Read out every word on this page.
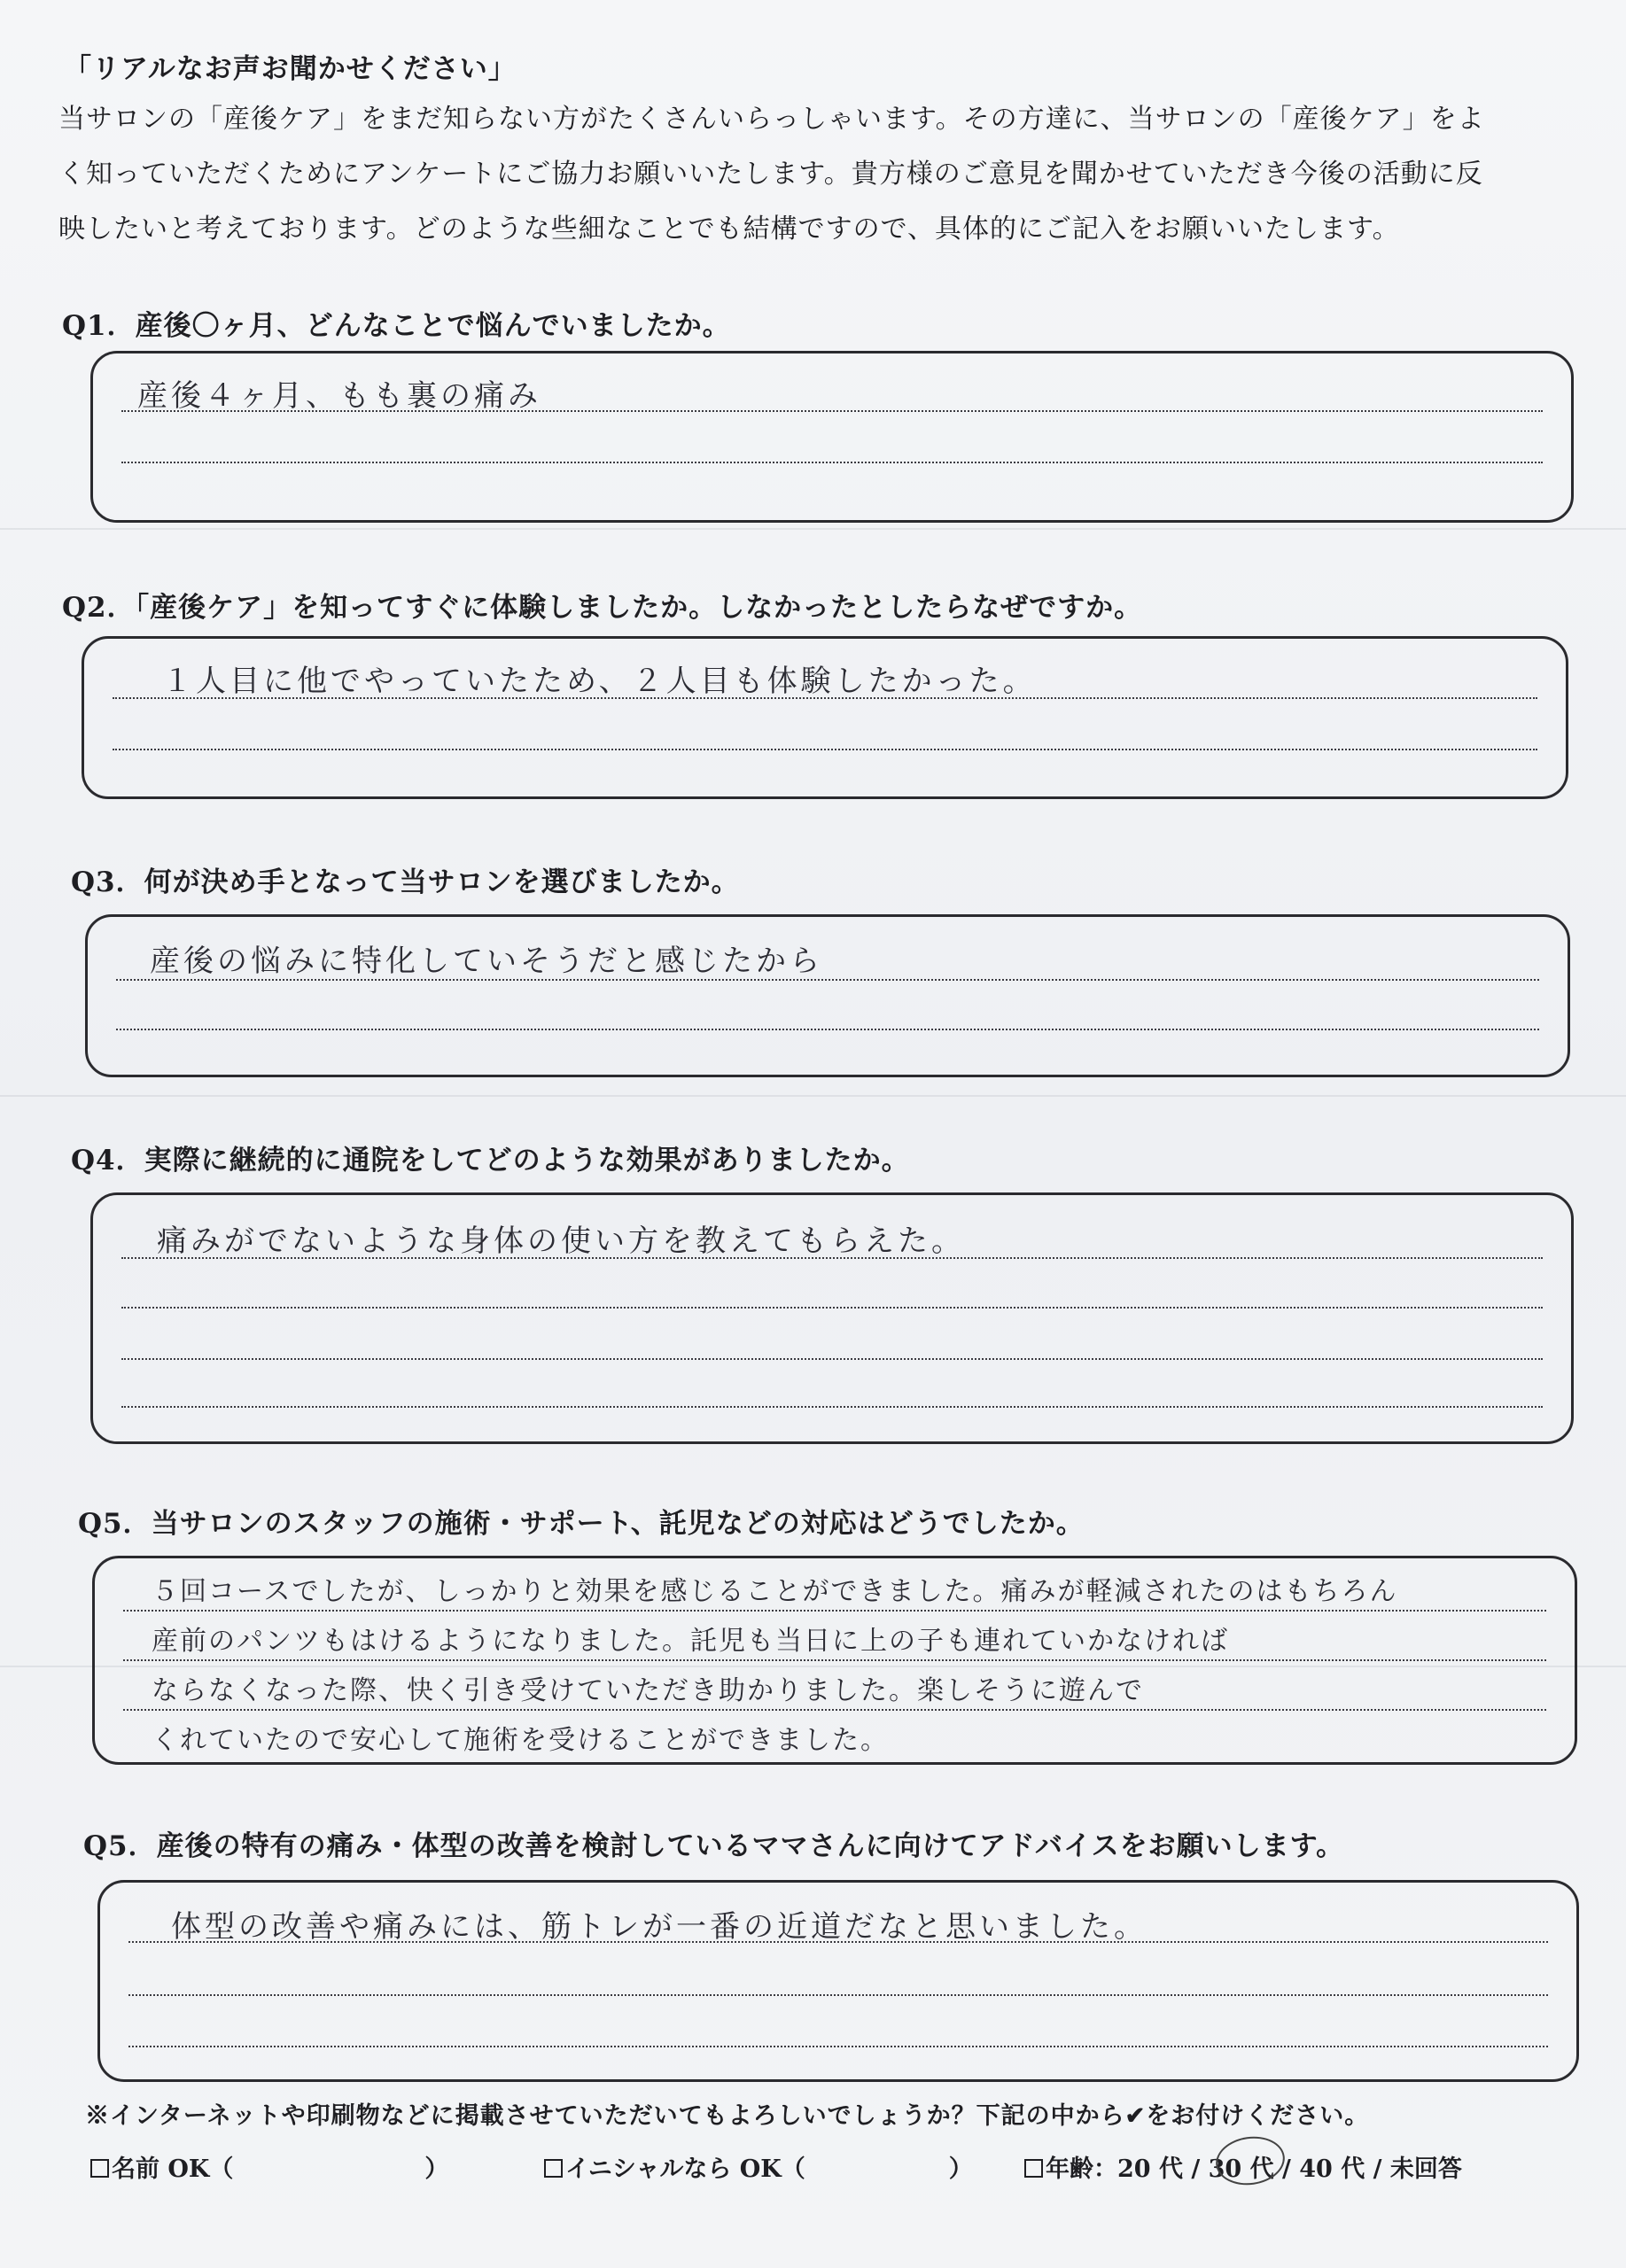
「リアルなお声お聞かせください」
当サロンの「産後ケア」をまだ知らない方がたくさんいらっしゃいます。その方達に、当サロンの「産後ケア」をよ
く知っていただくためにアンケートにご協力お願いいたします。貴方様のご意見を聞かせていただき今後の活動に反
映したいと考えております。どのような些細なことでも結構ですので、具体的にご記入をお願いいたします。
Q1．産後〇ヶ月、どんなことで悩んでいましたか。
産後４ヶ月、もも裏の痛み
Q2．「産後ケア」を知ってすぐに体験しましたか。しなかったとしたらなぜですか。
１人目に他でやっていたため、２人目も体験したかった。
Q3．何が決め手となって当サロンを選びましたか。
産後の悩みに特化していそうだと感じたから
Q4．実際に継続的に通院をしてどのような効果がありましたか。
痛みがでないような身体の使い方を教えてもらえた。
Q5．当サロンのスタッフの施術・サポート、託児などの対応はどうでしたか。
５回コースでしたが、しっかりと効果を感じることができました。痛みが軽減されたのはもちろん
産前のパンツもはけるようになりました。託児も当日に上の子も連れていかなければ
ならなくなった際、快く引き受けていただき助かりました。楽しそうに遊んで
くれていたので安心して施術を受けることができました。
Q5．産後の特有の痛み・体型の改善を検討しているママさんに向けてアドバイスをお願いします。
体型の改善や痛みには、筋トレが一番の近道だなと思いました。
※インターネットや印刷物などに掲載させていただいてもよろしいでしょうか？下記の中から✔をお付けください。
名前 OK（　　　　　　　　）	イニシャルなら OK（　　　　　　）	年齢：20 代 / 30 代 / 40 代 / 未回答
